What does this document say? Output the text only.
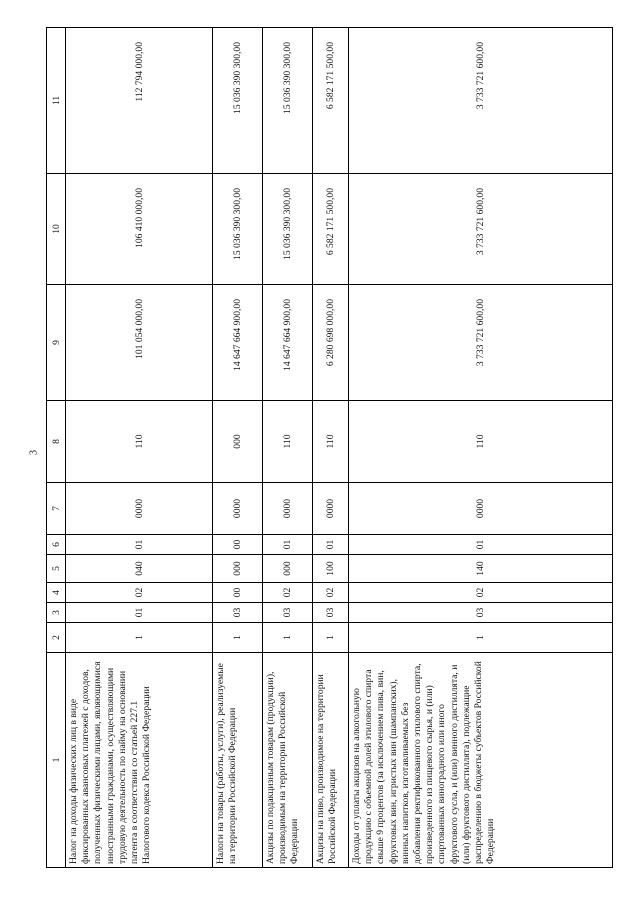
3
1	2	3	4	5	6	7	8	9	10	11
Налог на доходы физических лиц в виде фиксированных авансовых платежей с доходов, полученных физическими лицами, являющимися иностранными гражданами, осуществляющими трудовую деятельность по найму на основании патента в соответствии со статьей 227.1 Налогового кодекса Российской Федерации	1	01	02	040	01	0000	110	101 054 000,00	106 410 000,00	112 794 000,00
Налоги на товары (работы, услуги), реализуемые на территории Российской Федерации	1	03	00	000	00	0000	000	14 647 664 900,00	15 036 390 300,00	15 036 390 300,00
Акцизы по подакцизным товарам (продукции), производимым на территории Российской Федерации	1	03	02	000	01	0000	110	14 647 664 900,00	15 036 390 300,00	15 036 390 300,00
Акцизы на пиво, производимое на территории Российской Федерации	1	03	02	100	01	0000	110	6 280 698 000,00	6 582 171 500,00	6 582 171 500,00
Доходы от уплаты акцизов на алкогольную продукцию с объемной долей этилового спирта свыше 9 процентов (за исключением пива, вин, фруктовых вин, игристых вин (шампанских), винных напитков, изготавливаемых без добавления ректификованного этилового спирта, произведенного из пищевого сырья, и (или) спиртованных виноградного или иного фруктового сусла, и (или) винного дистиллята, и (или) фруктового дистиллята), подлежащие распределению в бюджеты субъектов Российской Федерации	1	03	02	140	01	0000	110	3 733 721 600,00	3 733 721 600,00	3 733 721 600,00
